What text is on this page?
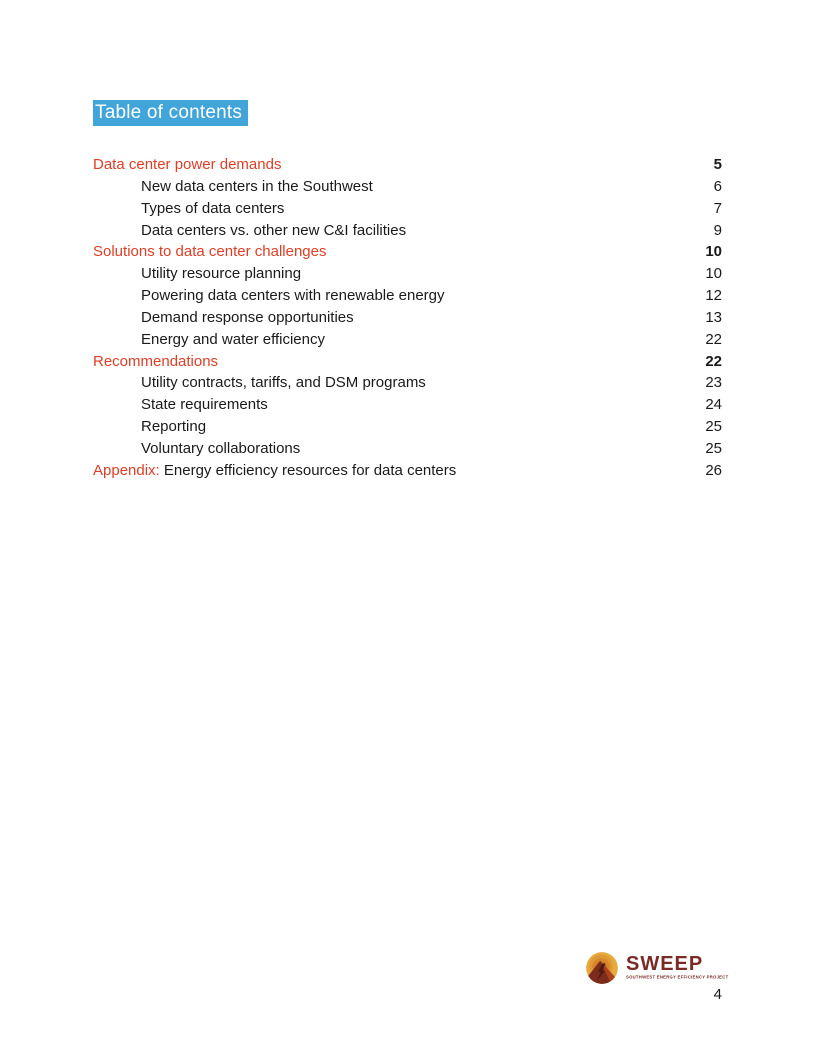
Table of contents
Data center power demands	5
New data centers in the Southwest	6
Types of data centers	7
Data centers vs. other new C&I facilities	9
Solutions to data center challenges	10
Utility resource planning	10
Powering data centers with renewable energy	12
Demand response opportunities	13
Energy and water efficiency	22
Recommendations	22
Utility contracts, tariffs, and DSM programs	23
State requirements	24
Reporting	25
Voluntary collaborations	25
Appendix: Energy efficiency resources for data centers	26
SWEEP
SOUTHWEST ENERGY EFFICIENCY PROJECT
4
